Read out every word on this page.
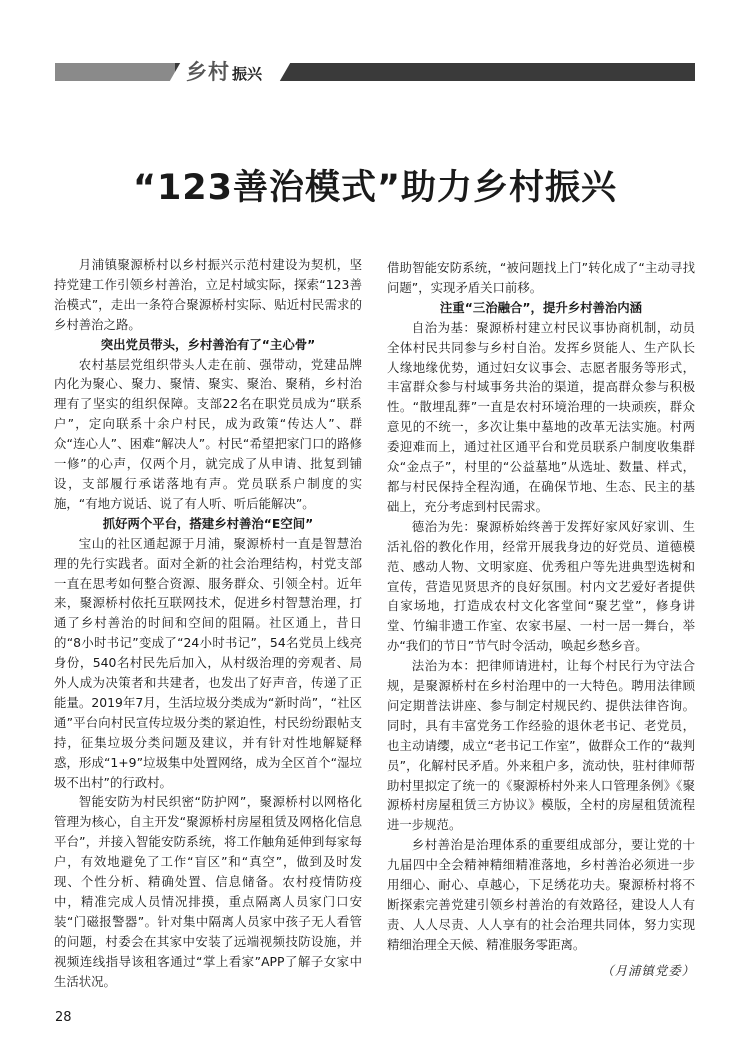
乡村 振兴
“123善治模式”助力乡村振兴

月浦镇聚源桥村以乡村振兴示范村建设为契机，坚持党建工作引领乡村善治，立足村域实际，探索“123善治模式”，走出一条符合聚源桥村实际、贴近村民需求的乡村善治之路。

突出党员带头，乡村善治有了“主心骨”

农村基层党组织带头人走在前、强带动，党建品牌内化为聚心、聚力、聚情、聚实、聚治、聚稍，乡村治理有了坚实的组织保障。支部22名在职党员成为“联系户”，定向联系十余户村民，成为政策“传达人”、群众“连心人”、困难“解决人”。村民“希望把家门口的路修一修”的心声，仅两个月，就完成了从申请、批复到铺设，支部履行承诺落地有声。党员联系户制度的实施，“有地方说话、说了有人听、听后能解决”。

抓好两个平台，搭建乡村善治“E空间”

宝山的社区通起源于月浦，聚源桥村一直是智慧治理的先行实践者。面对全新的社会治理结构，村党支部一直在思考如何整合资源、服务群众、引领全村。近年来，聚源桥村依托互联网技术，促进乡村智慧治理，打通了乡村善治的时间和空间的阻隔。社区通上，昔日的“8小时书记”变成了“24小时书记”，54名党员上线亮身份，540名村民先后加入，从村级治理的旁观者、局外人成为决策者和共建者，也发出了好声音，传递了正能量。2019年7月，生活垃圾分类成为“新时尚”，“社区通”平台向村民宣传垃圾分类的紧迫性，村民纷纷跟帖支持，征集垃圾分类问题及建议，并有针对性地解疑释惑，形成“1+9”垃圾集中处置网络，成为全区首个“湿垃圾不出村”的行政村。

智能安防为村民织密“防护网”，聚源桥村以网格化管理为核心，自主开发“聚源桥村房屋租赁及网格化信息平台”，并接入智能安防系统，将工作触角延伸到每家每户，有效地避免了工作“盲区”和“真空”，做到及时发现、个性分析、精确处置、信息储备。农村疫情防疫中，精准完成人员情况排摸，重点隔离人员家门口安装“门磁报警器”。针对集中隔离人员家中孩子无人看管的问题，村委会在其家中安装了远端视频技防设施，并视频连线指导该租客通过“掌上看家”APP了解子女家中生活状况。

借助智能安防系统，“被问题找上门”转化成了“主动寻找问题”，实现矛盾关口前移。

注重“三治融合”，提升乡村善治内涵

自治为基：聚源桥村建立村民议事协商机制，动员全体村民共同参与乡村自治。发挥乡贤能人、生产队长人缘地缘优势，通过妇女议事会、志愿者服务等形式，丰富群众参与村域事务共治的渠道，提高群众参与积极性。“散埋乱葬”一直是农村环境治理的一块顽疾，群众意见的不统一，多次让集中墓地的改革无法实施。村两委迎难而上，通过社区通平台和党员联系户制度收集群众“金点子”，村里的“公益墓地”从选址、数量、样式，都与村民保持全程沟通，在确保节地、生态、民主的基础上，充分考虑到村民需求。

德治为先：聚源桥始终善于发挥好家风好家训、生活礼俗的教化作用，经常开展我身边的好党员、道德模范、感动人物、文明家庭、优秀租户等先进典型选树和宣传，营造见贤思齐的良好氛围。村内文艺爱好者提供自家场地，打造成农村文化客堂间“聚艺堂”，修身讲堂、竹编非遗工作室、农家书屋、一村一居一舞台，举办“我们的节日”节气时令活动，唤起乡愁乡音。

法治为本：把律师请进村，让每个村民行为守法合规，是聚源桥村在乡村治理中的一大特色。聘用法律顾问定期普法讲座、参与制定村规民约、提供法律咨询。同时，具有丰富党务工作经验的退休老书记、老党员，也主动请缨，成立“老书记工作室”，做群众工作的“裁判员”，化解村民矛盾。外来租户多，流动快，驻村律师帮助村里拟定了统一的《聚源桥村外来人口管理条例》《聚源桥村房屋租赁三方协议》模版，全村的房屋租赁流程进一步规范。

乡村善治是治理体系的重要组成部分，要让党的十九届四中全会精神精细精准落地，乡村善治必须进一步用细心、耐心、卓越心，下足绣花功夫。聚源桥村将不断探索完善党建引领乡村善治的有效路径，建设人人有责、人人尽责、人人享有的社会治理共同体，努力实现精细治理全天候、精准服务零距离。

（月浦镇党委）
28
